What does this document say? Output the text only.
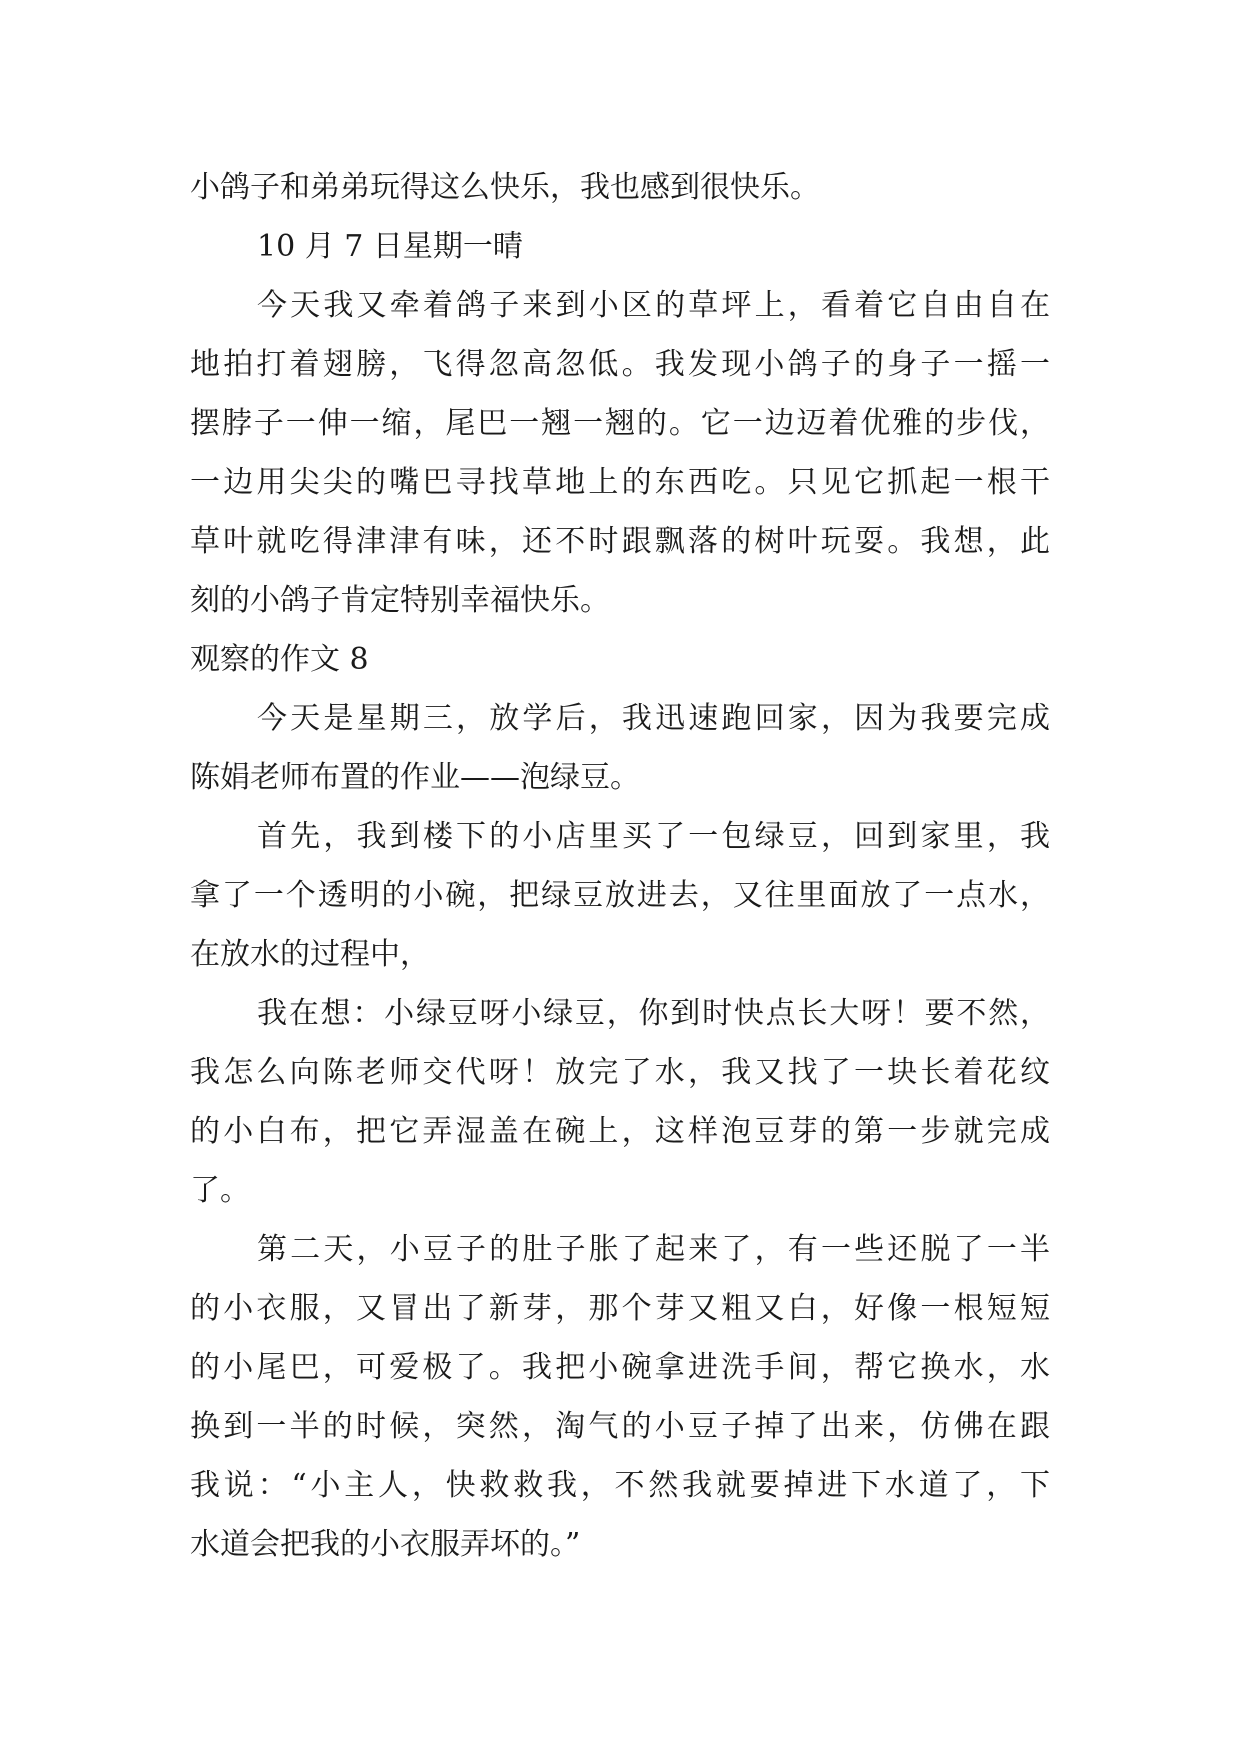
小鸽子和弟弟玩得这么快乐，我也感到很快乐。
10 月 7 日星期一晴
今天我又牵着鸽子来到小区的草坪上，看着它自由自在
地拍打着翅膀，飞得忽高忽低。我发现小鸽子的身子一摇一
摆脖子一伸一缩，尾巴一翘一翘的。它一边迈着优雅的步伐，
一边用尖尖的嘴巴寻找草地上的东西吃。只见它抓起一根干
草叶就吃得津津有味，还不时跟飘落的树叶玩耍。我想，此
刻的小鸽子肯定特别幸福快乐。
观察的作文 8
今天是星期三，放学后，我迅速跑回家，因为我要完成
陈娟老师布置的作业——泡绿豆。
首先，我到楼下的小店里买了一包绿豆，回到家里，我
拿了一个透明的小碗，把绿豆放进去，又往里面放了一点水，
在放水的过程中，
我在想：小绿豆呀小绿豆，你到时快点长大呀！要不然，
我怎么向陈老师交代呀！放完了水，我又找了一块长着花纹
的小白布，把它弄湿盖在碗上，这样泡豆芽的第一步就完成
了。
第二天，小豆子的肚子胀了起来了，有一些还脱了一半
的小衣服，又冒出了新芽，那个芽又粗又白，好像一根短短
的小尾巴，可爱极了。我把小碗拿进洗手间，帮它换水，水
换到一半的时候，突然，淘气的小豆子掉了出来，仿佛在跟
我说：“小主人，快救救我，不然我就要掉进下水道了，下
水道会把我的小衣服弄坏的。”
